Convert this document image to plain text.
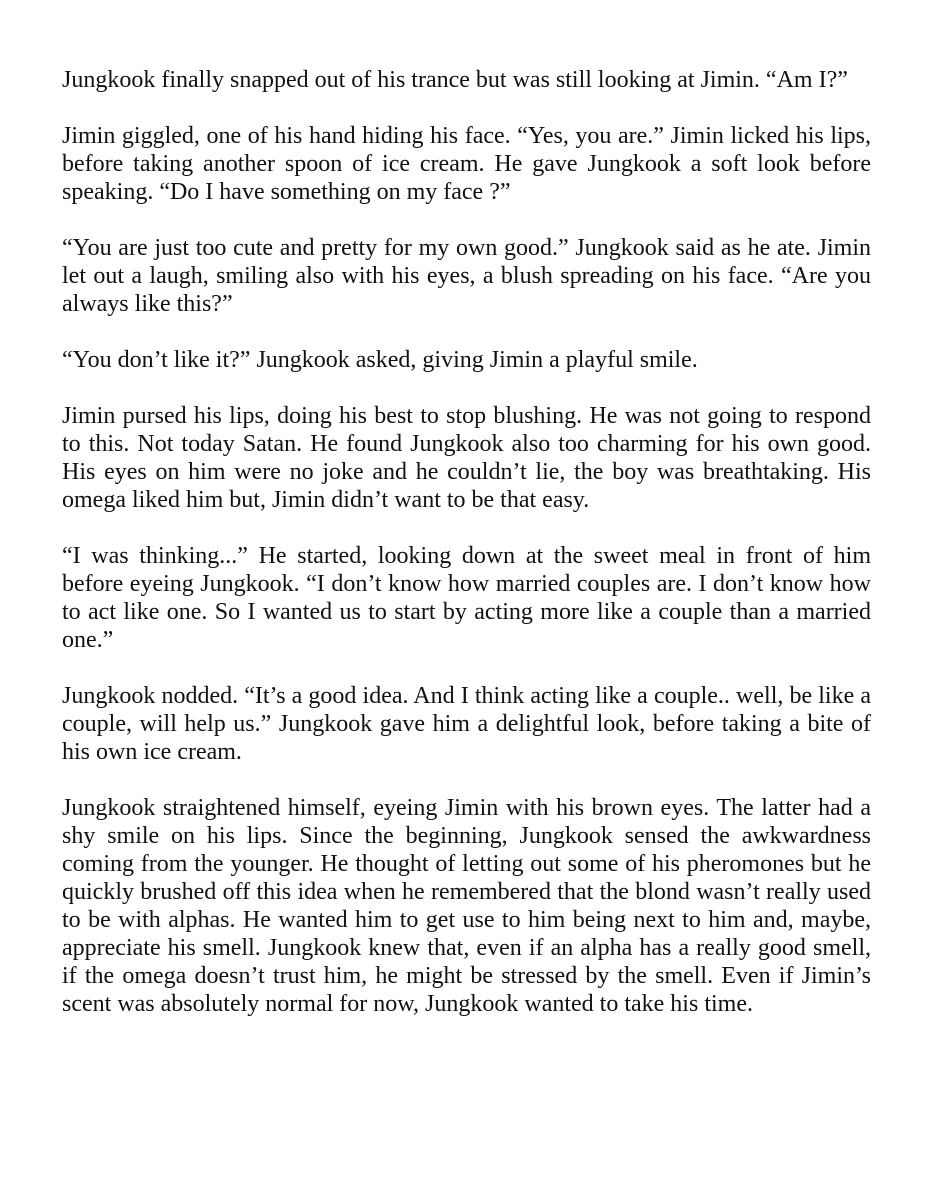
Jungkook finally snapped out of his trance but was still looking at Jimin. “Am I?”

Jimin giggled, one of his hand hiding his face. “Yes, you are.” Jimin licked his lips, before taking another spoon of ice cream. He gave Jungkook a soft look before speaking. “Do I have something on my face ?”

“You are just too cute and pretty for my own good.” Jungkook said as he ate. Jimin let out a laugh, smiling also with his eyes, a blush spreading on his face. “Are you always like this?”

“You don’t like it?” Jungkook asked, giving Jimin a playful smile.

Jimin pursed his lips, doing his best to stop blushing. He was not going to respond to this. Not today Satan. He found Jungkook also too charming for his own good. His eyes on him were no joke and he couldn’t lie, the boy was breathtaking. His omega liked him but, Jimin didn’t want to be that easy.

“I was thinking...” He started, looking down at the sweet meal in front of him before eyeing Jungkook. “I don’t know how married couples are. I don’t know how to act like one. So I wanted us to start by acting more like a couple than a married one.”

Jungkook nodded. “It’s a good idea. And I think acting like a couple.. well, be like a couple, will help us.” Jungkook gave him a delightful look, before taking a bite of his own ice cream.

Jungkook straightened himself, eyeing Jimin with his brown eyes. The latter had a shy smile on his lips. Since the beginning, Jungkook sensed the awkwardness coming from the younger. He thought of letting out some of his pheromones but he quickly brushed off this idea when he remembered that the blond wasn’t really used to be with alphas. He wanted him to get use to him being next to him and, maybe, appreciate his smell. Jungkook knew that, even if an alpha has a really good smell, if the omega doesn’t trust him, he might be stressed by the smell. Even if Jimin’s scent was absolutely normal for now, Jungkook wanted to take his time.
